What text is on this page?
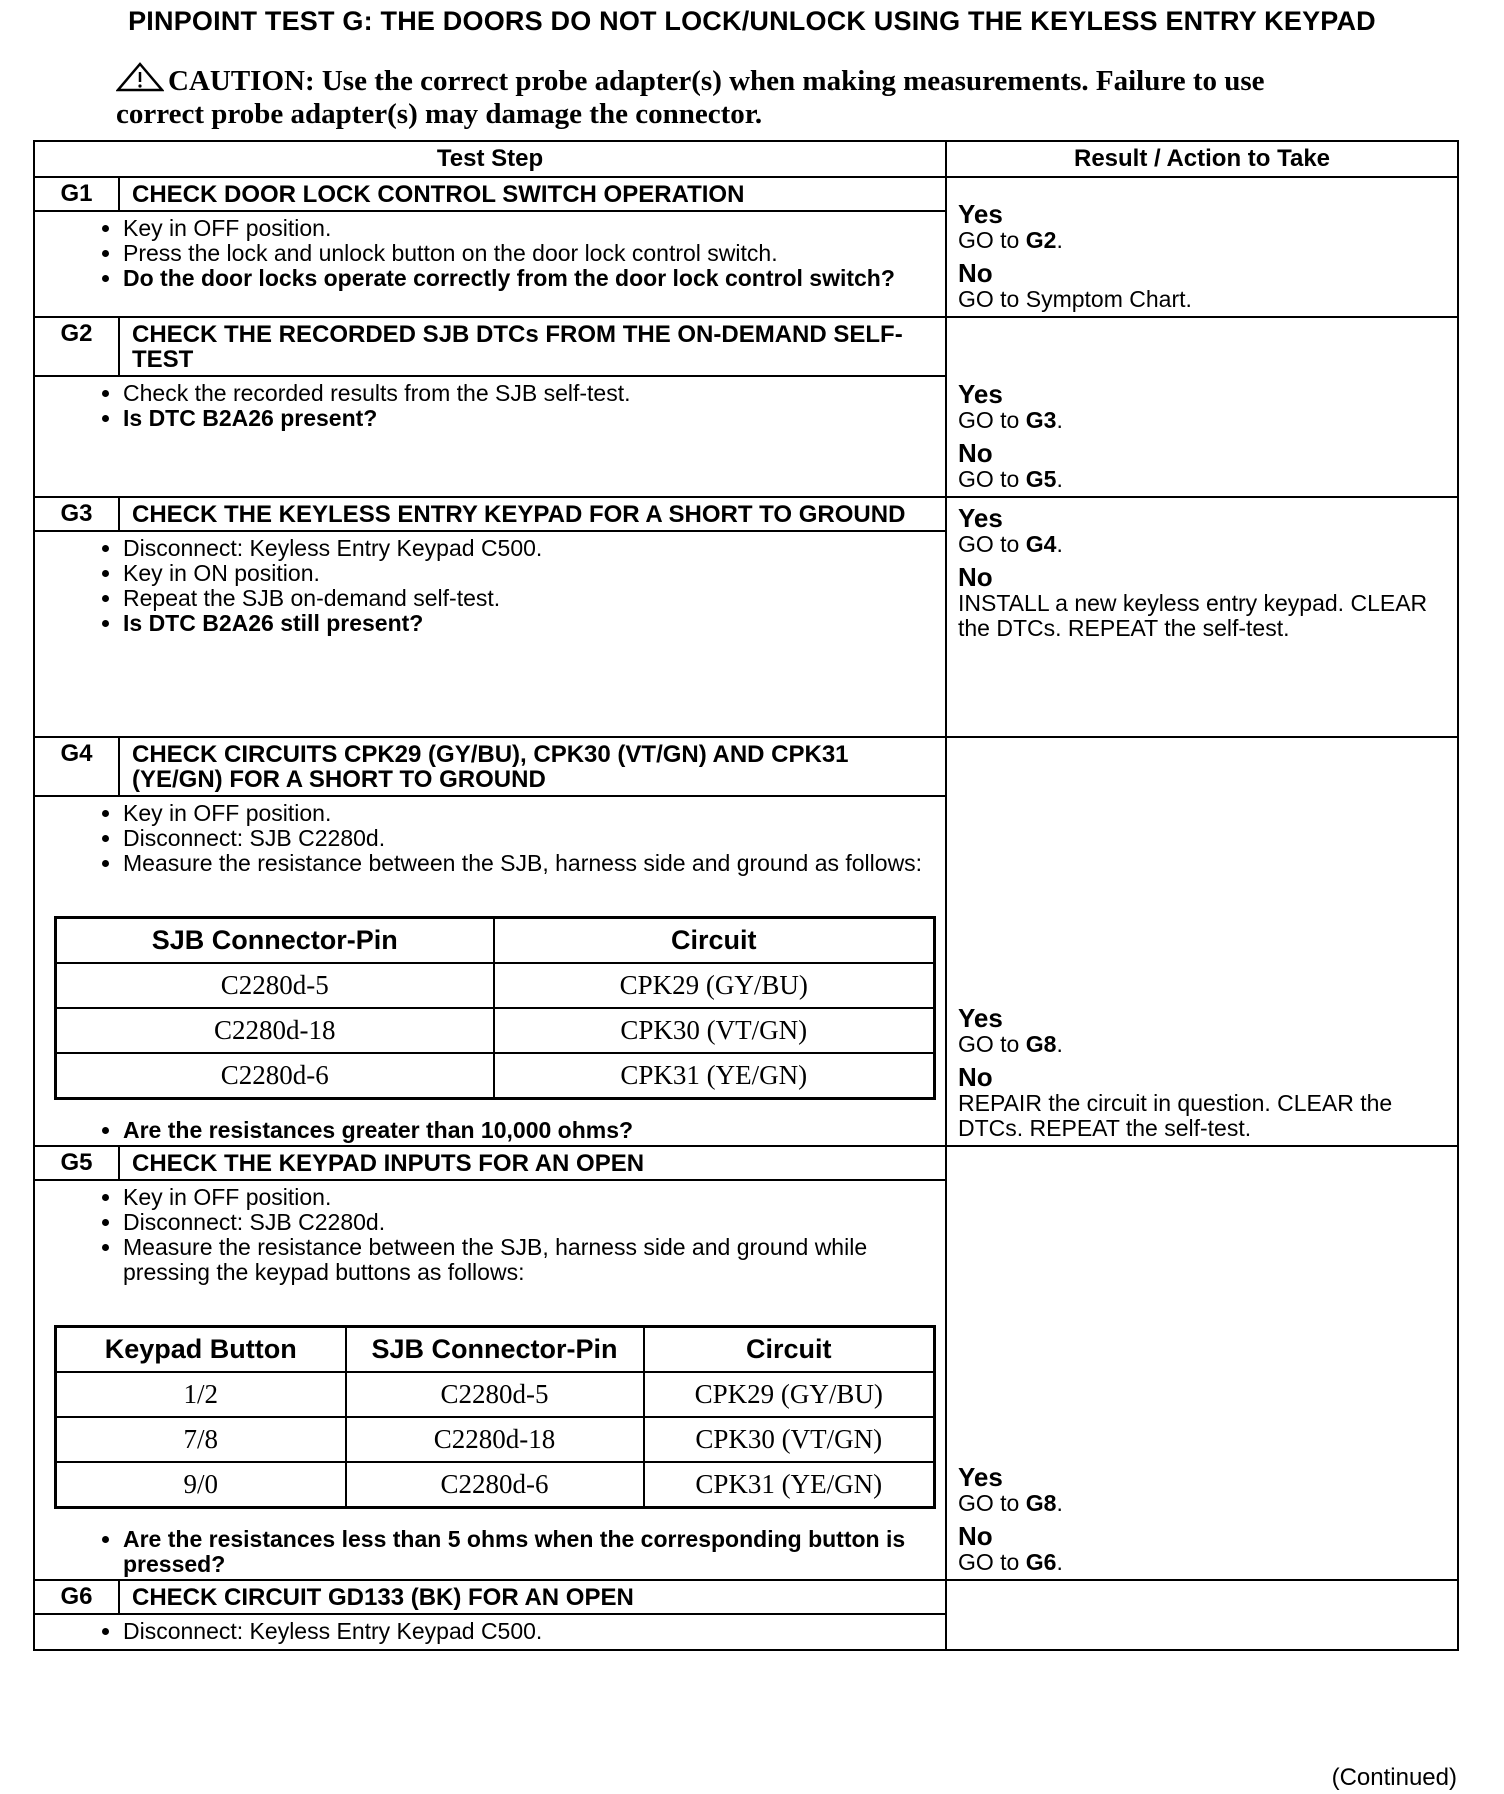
PINPOINT TEST G: THE DOORS DO NOT LOCK/UNLOCK USING THE KEYLESS ENTRY KEYPAD
CAUTION: Use the correct probe adapter(s) when making measurements. Failure to use correct probe adapter(s) may damage the connector.
Test Step	Result / Action to Take
G1	CHECK DOOR LOCK CONTROL SWITCH OPERATION	
Yes
GO to G2.
No
GO to Symptom Chart.

• Key in OFF position.
• Press the lock and unlock button on the door lock control switch.
• Do the door locks operate correctly from the door lock control switch?

G2	CHECK THE RECORDED SJB DTCs FROM THE ON-DEMAND SELF-TEST	
Yes
GO to G3.
No
GO to G5.

• Check the recorded results from the SJB self-test.
• Is DTC B2A26 present?

G3	CHECK THE KEYLESS ENTRY KEYPAD FOR A SHORT TO GROUND	Yes
GO to G4.
No
INSTALL a new keyless entry keypad. CLEAR the DTCs. REPEAT the self-test.

• Disconnect: Keyless Entry Keypad C500.
• Key in ON position.
• Repeat the SJB on-demand self-test.
• Is DTC B2A26 still present?

G4	CHECK CIRCUITS CPK29 (GY/BU), CPK30 (VT/GN) AND CPK31 (YE/GN) FOR A SHORT TO GROUND	
Yes
GO to G8.
No
REPAIR the circuit in question. CLEAR the DTCs. REPEAT the self-test.

• Key in OFF position.
• Disconnect: SJB C2280d.
• Measure the resistance between the SJB, harness side and ground as follows:
SJB Connector-Pin	Circuit
C2280d-5	CPK29 (GY/BU)
C2280d-18	CPK30 (VT/GN)
C2280d-6	CPK31 (YE/GN)
• Are the resistances greater than 10,000 ohms?

G5	CHECK THE KEYPAD INPUTS FOR AN OPEN	
Yes
GO to G8.
No
GO to G6.

• Key in OFF position.
• Disconnect: SJB C2280d.
• Measure the resistance between the SJB, harness side and ground while pressing the keypad buttons as follows:
Keypad Button	SJB Connector-Pin	Circuit
1/2	C2280d-5	CPK29 (GY/BU)
7/8	C2280d-18	CPK30 (VT/GN)
9/0	C2280d-6	CPK31 (YE/GN)
• Are the resistances less than 5 ohms when the corresponding button is pressed?

G6	CHECK CIRCUIT GD133 (BK) FOR AN OPEN	

• Disconnect: Keyless Entry Keypad C500.
(Continued)
